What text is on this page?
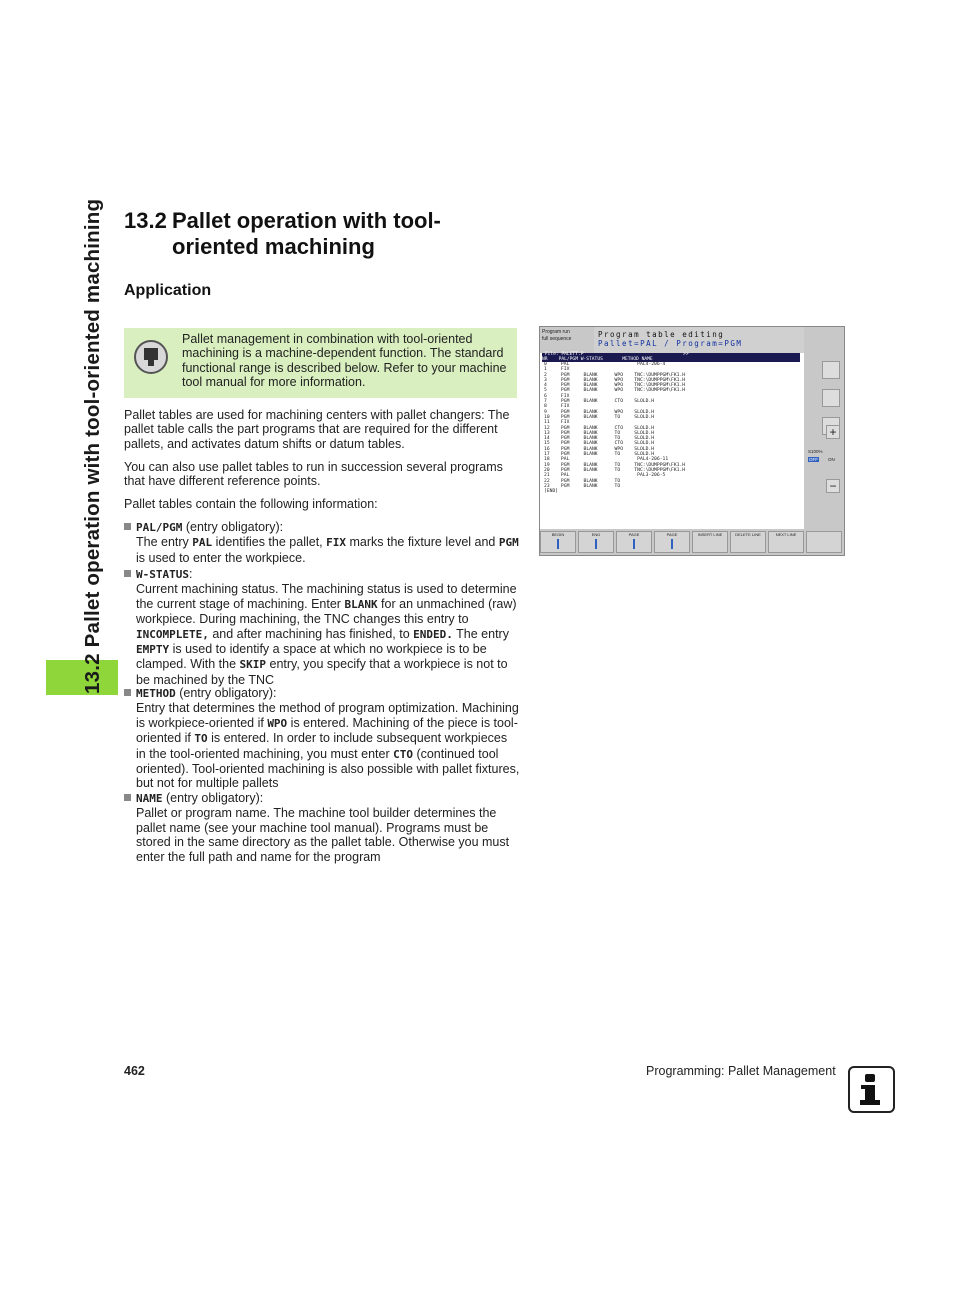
13.2 Pallet operation with tool-oriented machining 13.2 Pallet operation with tool-
oriented machining
Application
Pallet management in combination with tool-oriented machining is a machine-dependent function. The standard functional range is described below. Refer to your machine tool manual for more information.
Pallet tables are used for machining centers with pallet changers: The pallet table calls the part programs that are required for the different pallets, and activates datum shifts or datum tables.
You can also use pallet tables to run in succession several programs that have different reference points.
Pallet tables contain the following information:
PAL/PGM (entry obligatory):
The entry PAL identifies the pallet, FIX marks the fixture level and PGM is used to enter the workpiece.
W-STATUS:
Current machining status. The machining status is used to determine the current stage of machining. Enter BLANK for an unmachined (raw) workpiece. During machining, the TNC changes this entry to INCOMPLETE, and after machining has finished, to ENDED. The entry EMPTY is used to identify a space at which no workpiece is to be clamped. With the SKIP entry, you specify that a workpiece is not to be machined by the TNC
METHOD (entry obligatory):
Entry that determines the method of program optimization. Machining is workpiece-oriented if WPO is entered. Machining of the piece is tool-oriented if TO is entered. In order to include subsequent workpieces in the tool-oriented machining, you must enter CTO (continued tool oriented). Tool-oriented machining is also possible with pallet fixtures, but not for multiple pallets
NAME (entry obligatory):
Pallet or program name. The machine tool builder determines the pallet name (see your machine tool manual). Programs must be stored in the same directory as the pallet table. Otherwise you must enter the full path and name for the program
Program run
full sequence	Program table editing
Pallet=PAL / Program=PGM
File: PALETT.P                                    >>
NR    PAL/PGM W-STATUS       METHOD NAME
0     PAL                        PAL4-206-4
1     FIX
2     PGM     BLANK      WPO    TNC:\DUMPPGM\FK1.H
3     PGM     BLANK      WPO    TNC:\DUMPPGM\FK1.H
4     PGM     BLANK      WPO    TNC:\DUMPPGM\FK1.H
5     PGM     BLANK      WPO    TNC:\DUMPPGM\FK1.H
6     FIX
7     PGM     BLANK      CTO    SLOLD.H
8     FIX
9     PGM     BLANK      WPO    SLOLD.H
10    PGM     BLANK      TO     SLOLD.H
11    FIX
12    PGM     BLANK      CTO    SLOLD.H
13    PGM     BLANK      TO     SLOLD.H
14    PGM     BLANK      TO     SLOLD.H
15    PGM     BLANK      CTO    SLOLD.H
16    PGM     BLANK      WPO    SLOLD.H
17    PGM     BLANK      TO     SLOLD.H
18    PAL                        PAL4-206-11
19    PGM     BLANK      TO     TNC:\DUMPPGM\FK1.H
20    PGM     BLANK      TO     TNC:\DUMPPGM\FK1.H
21    PAL                        PAL3-206-5
22    PGM     BLANK      TO
23    PGM     BLANK      TO
[END]
S100%
OFF ON
+
−
BEGIN	END	PAGE	PAGE	INSERT LINE	DELETE LINE	NEXT LINE
462	Programming: Pallet Management
